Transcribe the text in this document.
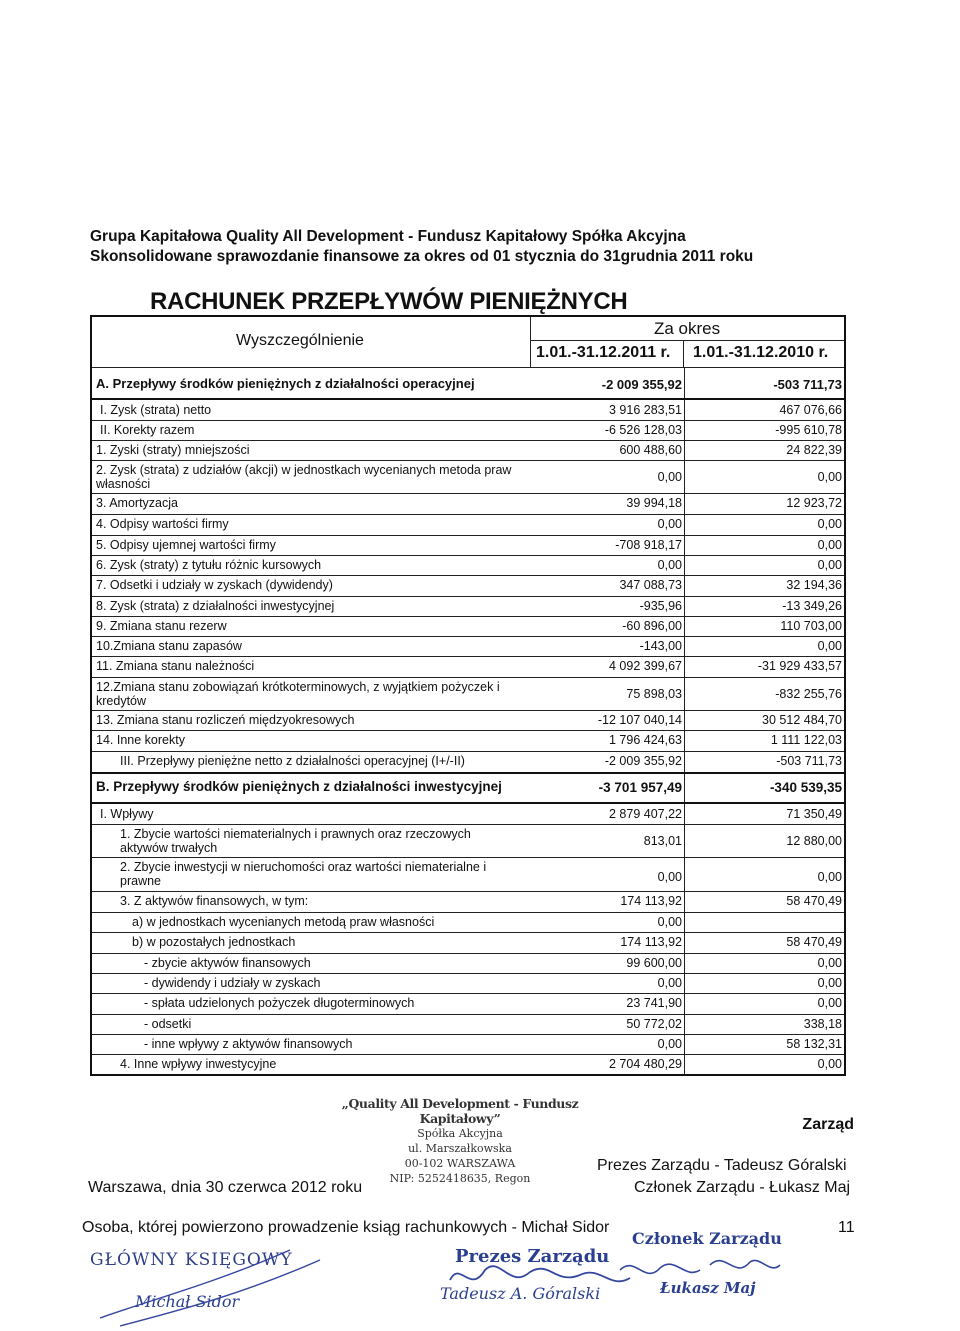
Grupa Kapitałowa Quality All Development - Fundusz Kapitałowy Spółka Akcyjna
Skonsolidowane sprawozdanie finansowe za okres od 01 stycznia do 31grudnia 2011 roku
RACHUNEK PRZEPŁYWÓW PIENIĘŻNYCH
Wyszczególnienie
Za okres
1.01.-31.12.2011 r. 1.01.-31.12.2010 r.
A. Przepływy środków pieniężnych z działalności operacyjnej	-2 009 355,92	-503 711,73
I. Zysk (strata) netto	3 916 283,51	467 076,66
II. Korekty razem	-6 526 128,03	-995 610,78
1. Zyski (straty) mniejszości	600 488,60	24 822,39
2. Zysk (strata) z udziałów (akcji) w jednostkach wycenianych metoda praw własności	0,00	0,00
3. Amortyzacja	39 994,18	12 923,72
4. Odpisy wartości firmy	0,00	0,00
5. Odpisy ujemnej wartości firmy	-708 918,17	0,00
6. Zysk (straty) z tytułu różnic kursowych	0,00	0,00
7. Odsetki i udziały w zyskach (dywidendy)	347 088,73	32 194,36
8. Zysk (strata) z działalności inwestycyjnej	-935,96	-13 349,26
9. Zmiana stanu rezerw	-60 896,00	110 703,00
10.Zmiana stanu zapasów	-143,00	0,00
11. Zmiana stanu należności	4 092 399,67	-31 929 433,57
12.Zmiana stanu zobowiązań krótkoterminowych, z wyjątkiem pożyczek i kredytów	75 898,03	-832 255,76
13. Zmiana stanu rozliczeń międzyokresowych	-12 107 040,14	30 512 484,70
14. Inne korekty	1 796 424,63	1 111 122,03
III. Przepływy pieniężne netto z działalności operacyjnej (I+/-II)	-2 009 355,92	-503 711,73
B. Przepływy środków pieniężnych z działalności inwestycyjnej	-3 701 957,49	-340 539,35
I. Wpływy	2 879 407,22	71 350,49
1. Zbycie wartości niematerialnych i prawnych oraz rzeczowych aktywów trwałych	813,01	12 880,00
2. Zbycie inwestycji w nieruchomości oraz wartości niematerialne i prawne	0,00	0,00
3. Z aktywów finansowych, w tym:	174 113,92	58 470,49
a) w jednostkach wycenianych metodą praw własności	0,00
b) w pozostałych jednostkach	174 113,92	58 470,49
- zbycie aktywów finansowych	99 600,00	0,00
- dywidendy i udziały w zyskach	0,00	0,00
- spłata udzielonych pożyczek długoterminowych	23 741,90	0,00
- odsetki	50 772,02	338,18
- inne wpływy z aktywów finansowych	0,00	58 132,31
4. Inne wpływy inwestycyjne	2 704 480,29	0,00
„Quality All Development - Fundusz Kapitałowy”
Spółka Akcyjna
ul. Marszałkowska
00-102 WARSZAWA
NIP: 5252418635, Regon
Zarząd
Prezes Zarządu - Tadeusz Góralski
Członek Zarządu - Łukasz Maj
Warszawa, dnia 30 czerwca 2012 roku
Osoba, której powierzono prowadzenie ksiąg rachunkowych - Michał Sidor	11
GŁÓWNY KSIĘGOWY
Michał Sidor
Prezes Zarządu
Tadeusz A. Góralski
Członek Zarządu
Łukasz Maj
